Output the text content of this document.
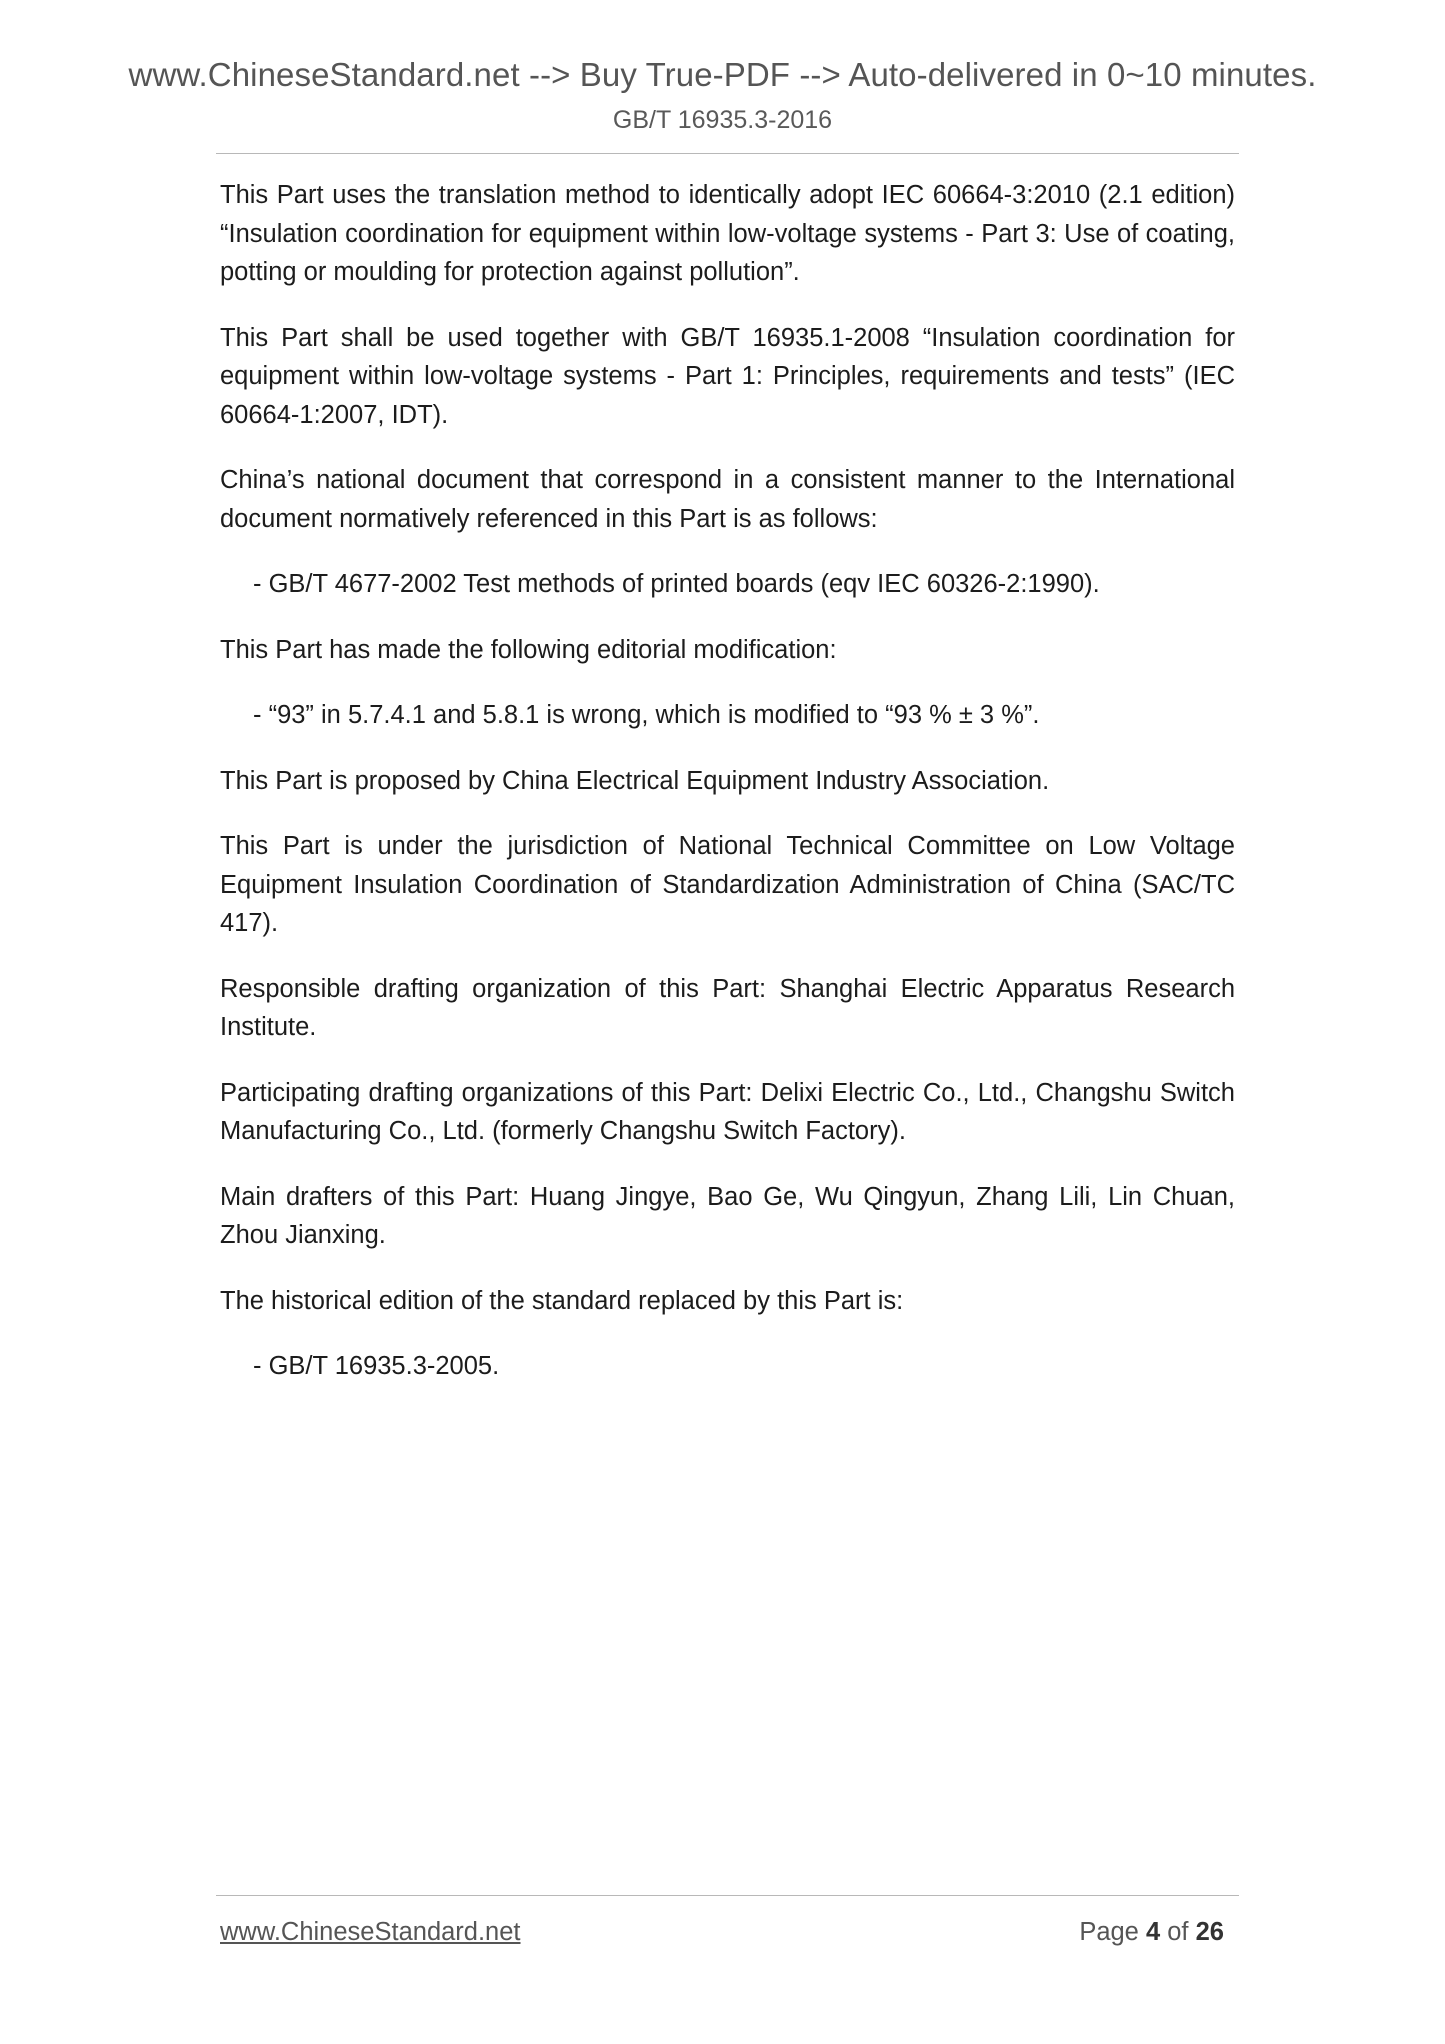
www.ChineseStandard.net --> Buy True-PDF --> Auto-delivered in 0~10 minutes.
GB/T 16935.3-2016

This Part uses the translation method to identically adopt IEC 60664-3:2010 (2.1 edition) “Insulation coordination for equipment within low-voltage systems - Part 3: Use of coating, potting or moulding for protection against pollution”.

This Part shall be used together with GB/T 16935.1-2008 “Insulation coordination for equipment within low-voltage systems - Part 1: Principles, requirements and tests” (IEC 60664-1:2007, IDT).

China’s national document that correspond in a consistent manner to the International document normatively referenced in this Part is as follows:

- GB/T 4677-2002 Test methods of printed boards (eqv IEC 60326-2:1990).

This Part has made the following editorial modification:

- “93” in 5.7.4.1 and 5.8.1 is wrong, which is modified to “93 % ± 3 %”.

This Part is proposed by China Electrical Equipment Industry Association.

This Part is under the jurisdiction of National Technical Committee on Low Voltage Equipment Insulation Coordination of Standardization Administration of China (SAC/TC 417).

Responsible drafting organization of this Part: Shanghai Electric Apparatus Research Institute.

Participating drafting organizations of this Part: Delixi Electric Co., Ltd., Changshu Switch Manufacturing Co., Ltd. (formerly Changshu Switch Factory).

Main drafters of this Part: Huang Jingye, Bao Ge, Wu Qingyun, Zhang Lili, Lin Chuan, Zhou Jianxing.

The historical edition of the standard replaced by this Part is:

- GB/T 16935.3-2005.

www.ChineseStandard.net	Page 4 of 26
